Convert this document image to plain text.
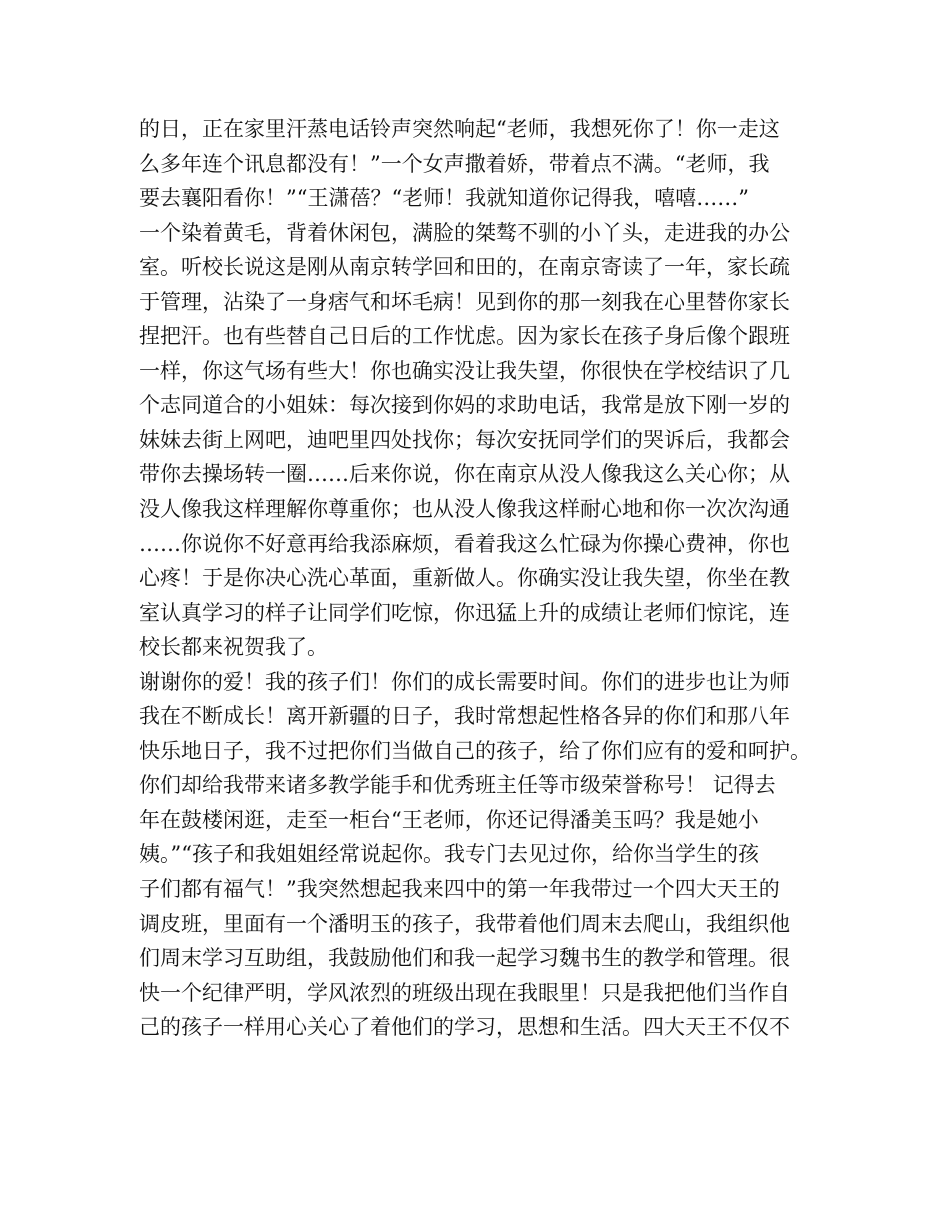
的日，正在家里汗蒸电话铃声突然响起“老师，我想死你了！你一走这
么多年连个讯息都没有！”一个女声撒着娇，带着点不满。“老师，我
要去襄阳看你！”“王潇蓓？“老师！我就知道你记得我，嘻嘻……”
一个染着黄毛，背着休闲包，满脸的桀骜不驯的小丫头，走进我的办公
室。听校长说这是刚从南京转学回和田的，在南京寄读了一年，家长疏
于管理，沾染了一身痞气和坏毛病！见到你的那一刻我在心里替你家长
捏把汗。也有些替自己日后的工作忧虑。因为家长在孩子身后像个跟班
一样，你这气场有些大！你也确实没让我失望，你很快在学校结识了几
个志同道合的小姐妹：每次接到你妈的求助电话，我常是放下刚一岁的
妹妹去街上网吧，迪吧里四处找你；每次安抚同学们的哭诉后，我都会
带你去操场转一圈……后来你说，你在南京从没人像我这么关心你；从
没人像我这样理解你尊重你；也从没人像我这样耐心地和你一次次沟通
……你说你不好意再给我添麻烦，看着我这么忙碌为你操心费神，你也
心疼！于是你决心洗心革面，重新做人。你确实没让我失望，你坐在教
室认真学习的样子让同学们吃惊，你迅猛上升的成绩让老师们惊诧，连
校长都来祝贺我了。
谢谢你的爱！我的孩子们！你们的成长需要时间。你们的进步也让为师
我在不断成长！离开新疆的日子，我时常想起性格各异的你们和那八年
快乐地日子，我不过把你们当做自己的孩子，给了你们应有的爱和呵护。
你们却给我带来诸多教学能手和优秀班主任等市级荣誉称号！ 记得去
年在鼓楼闲逛，走至一柜台“王老师，你还记得潘美玉吗？我是她小
姨。”“孩子和我姐姐经常说起你。我专门去见过你，给你当学生的孩
子们都有福气！”我突然想起我来四中的第一年我带过一个四大天王的
调皮班，里面有一个潘明玉的孩子，我带着他们周末去爬山，我组织他
们周末学习互助组，我鼓励他们和我一起学习魏书生的教学和管理。很
快一个纪律严明，学风浓烈的班级出现在我眼里！只是我把他们当作自
己的孩子一样用心关心了着他们的学习，思想和生活。四大天王不仅不
